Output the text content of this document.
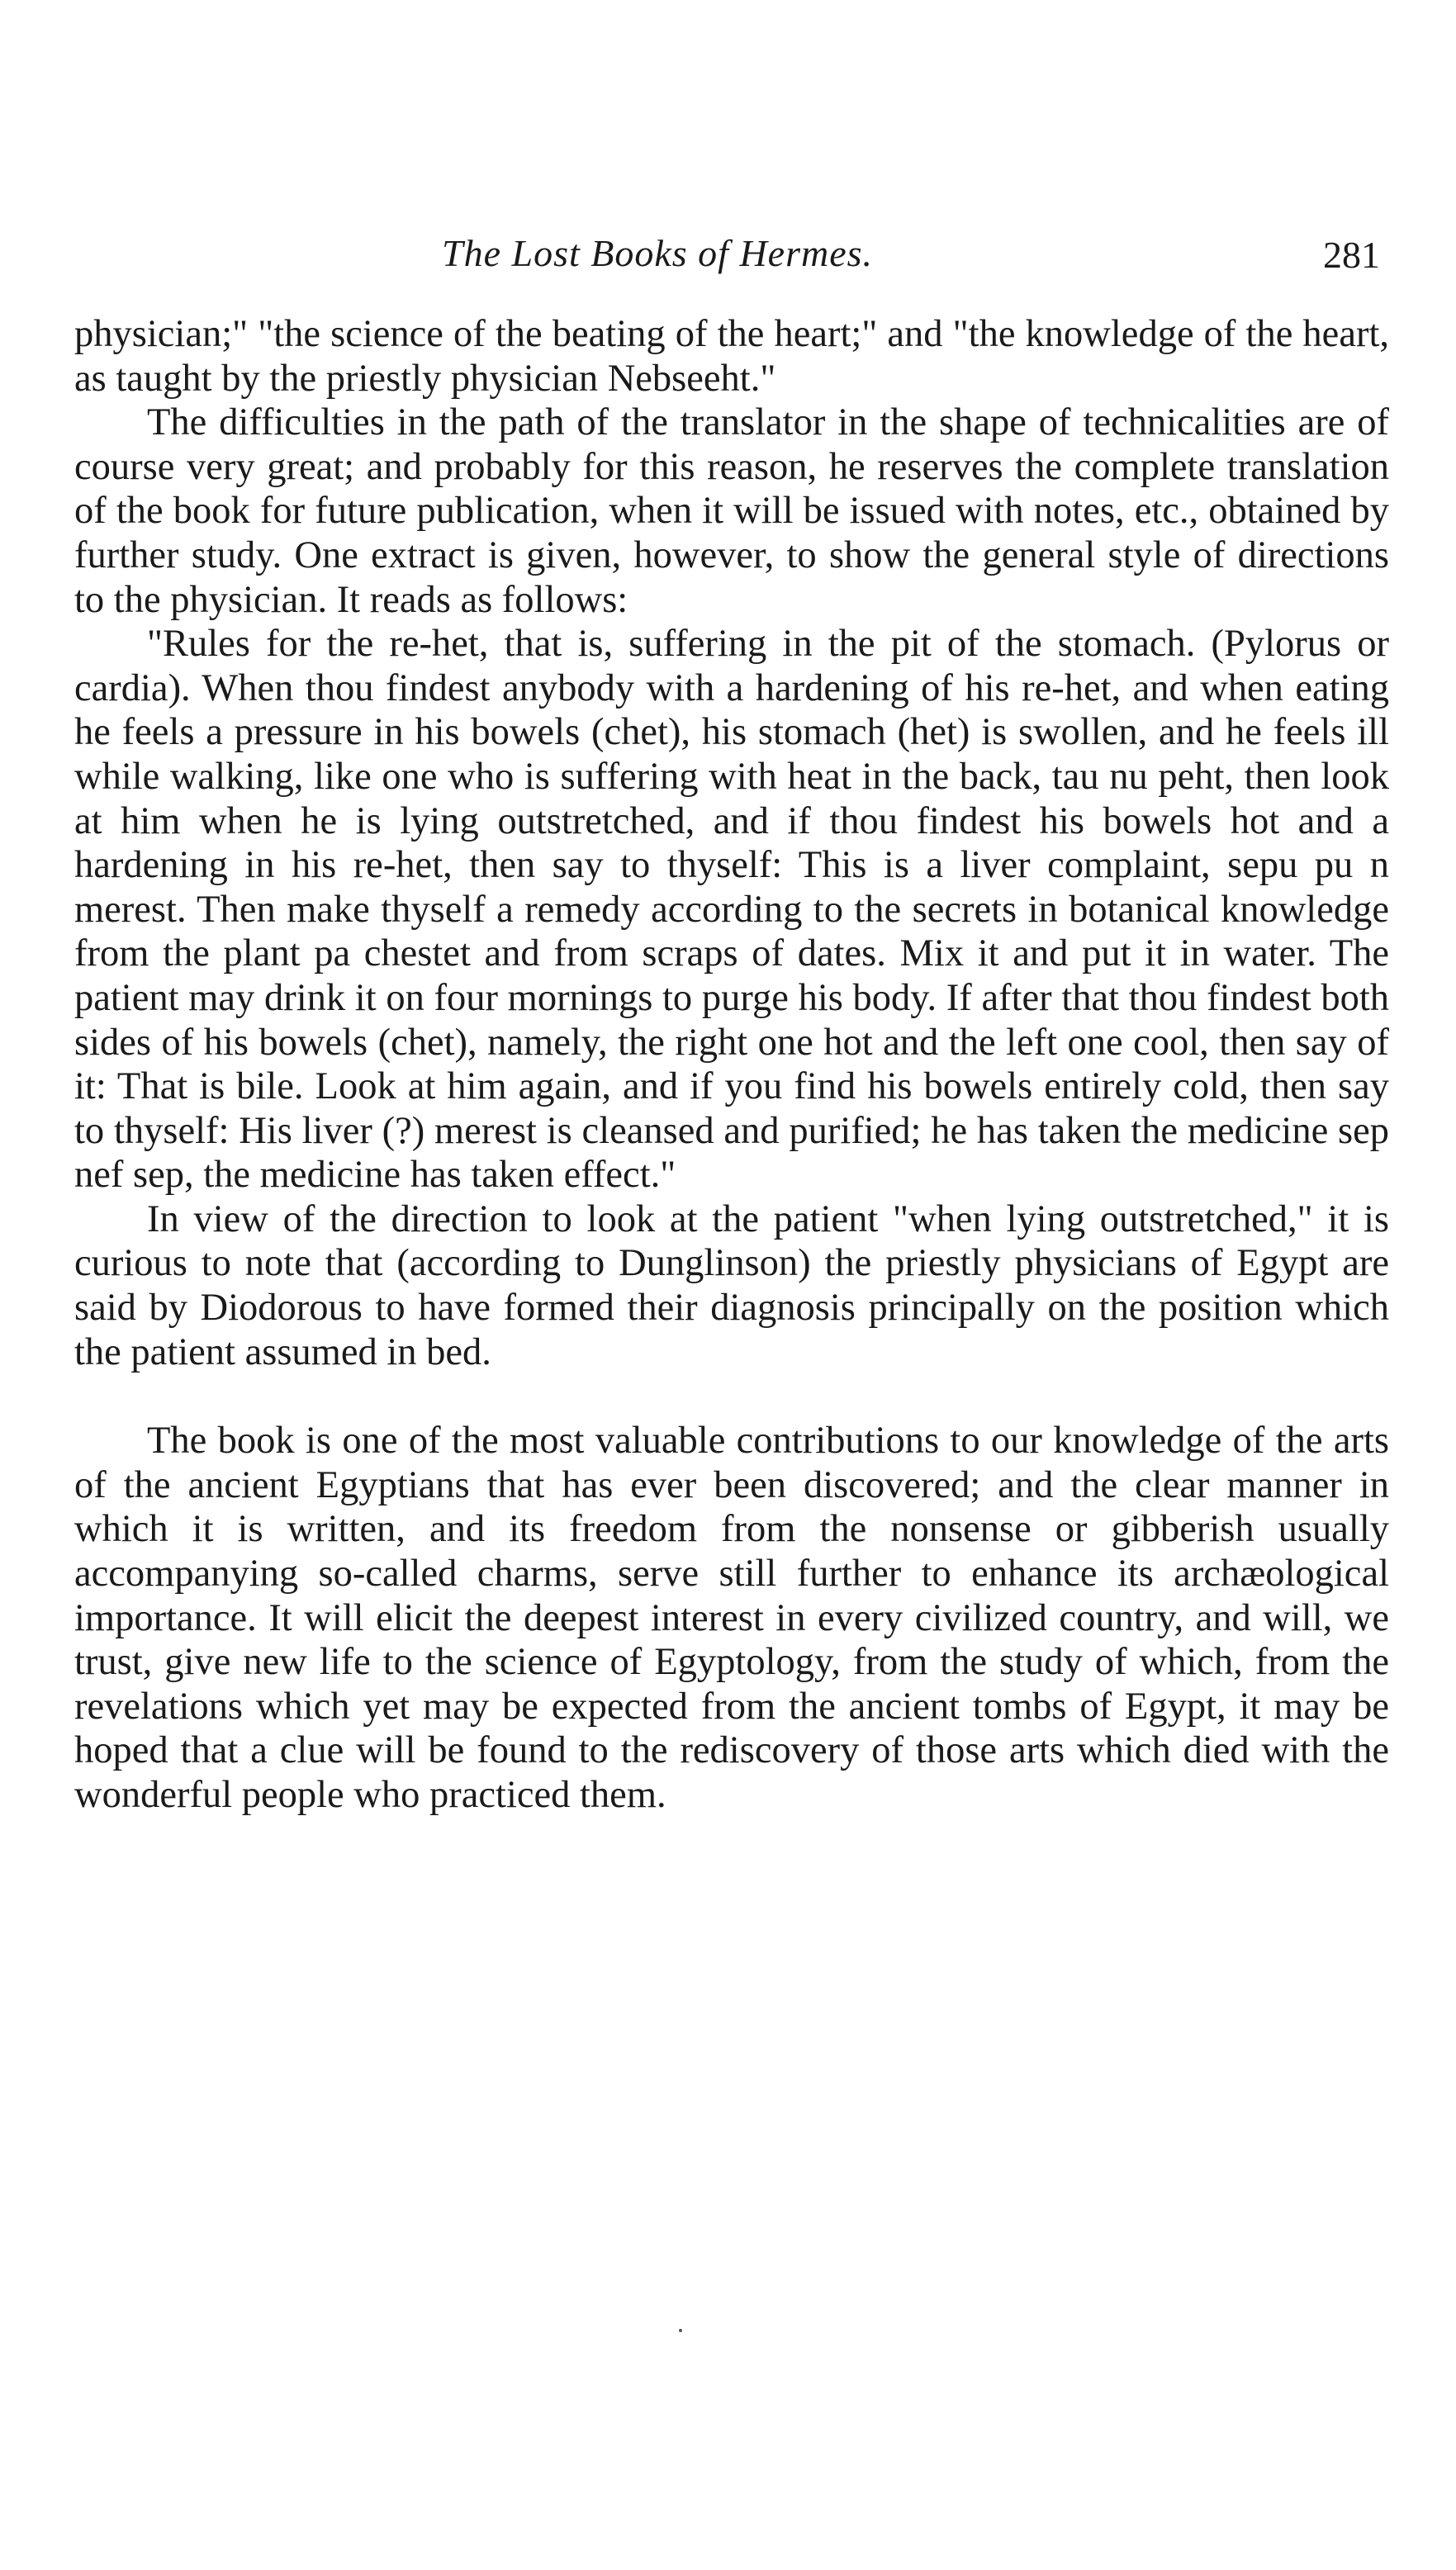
The Lost Books of Hermes.	281

physician;" "the science of the beating of the heart;" and "the knowledge of the heart, as taught by the priestly physician Nebseeht."

The difficulties in the path of the translator in the shape of technicalities are of course very great; and probably for this reason, he reserves the complete translation of the book for future publication, when it will be issued with notes, etc., obtained by further study. One extract is given, however, to show the general style of directions to the physician. It reads as follows:

"Rules for the re-het, that is, suffering in the pit of the stomach. (Pylorus or cardia). When thou findest anybody with a hardening of his re-het, and when eating he feels a pressure in his bowels (chet), his stomach (het) is swollen, and he feels ill while walking, like one who is suffering with heat in the back, tau nu peht, then look at him when he is lying outstretched, and if thou findest his bowels hot and a hardening in his re-het, then say to thyself: This is a liver complaint, sepu pu n merest. Then make thyself a remedy according to the secrets in botanical knowledge from the plant pa chestet and from scraps of dates. Mix it and put it in water. The patient may drink it on four mornings to purge his body. If after that thou findest both sides of his bowels (chet), namely, the right one hot and the left one cool, then say of it: That is bile. Look at him again, and if you find his bowels entirely cold, then say to thyself: His liver (?) merest is cleansed and purified; he has taken the medicine sep nef sep, the medicine has taken effect."

In view of the direction to look at the patient "when lying outstretched," it is curious to note that (according to Dunglinson) the priestly physicians of Egypt are said by Diodorous to have formed their diagnosis principally on the position which the patient assumed in bed.

The book is one of the most valuable contributions to our knowledge of the arts of the ancient Egyptians that has ever been discovered; and the clear manner in which it is written, and its freedom from the nonsense or gibberish usually accompanying so-called charms, serve still further to enhance its archæological importance. It will elicit the deepest interest in every civilized country, and will, we trust, give new life to the science of Egyptology, from the study of which, from the revelations which yet may be expected from the ancient tombs of Egypt, it may be hoped that a clue will be found to the rediscovery of those arts which died with the wonderful people who practiced them.
